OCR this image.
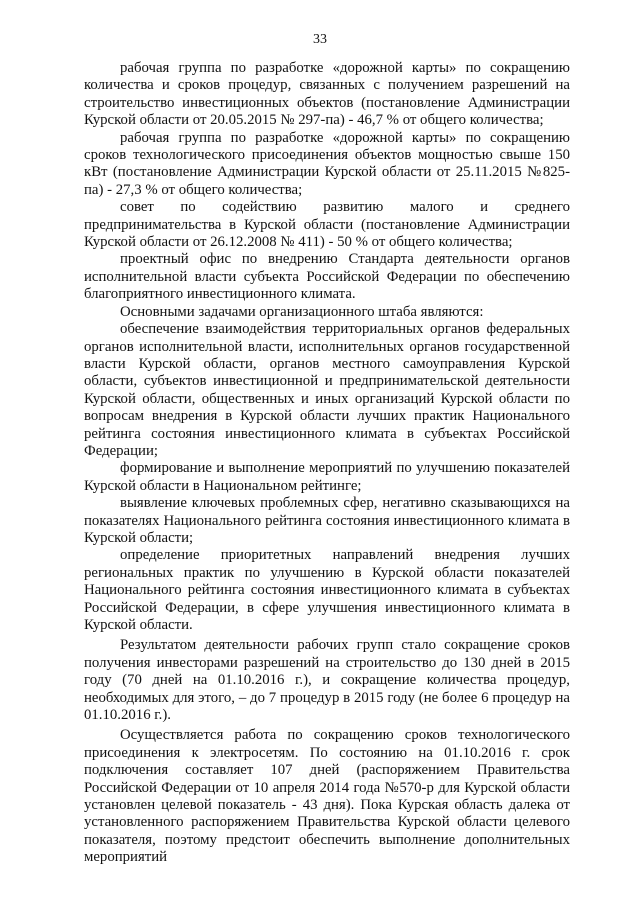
33

рабочая группа по разработке «дорожной карты» по сокращению количества и сроков процедур, связанных с получением разрешений на строительство инвестиционных объектов (постановление Администрации Курской области от 20.05.2015 № 297-па) - 46,7 % от общего количества;

рабочая группа по разработке «дорожной карты» по сокращению сроков технологического присоединения объектов мощностью свыше 150 кВт (постановление Администрации Курской области от 25.11.2015 №825-па) - 27,3 % от общего количества;

совет по содействию развитию малого и среднего предпринимательства в Курской области (постановление Администрации Курской области от 26.12.2008 № 411) - 50 % от общего количества;

проектный офис по внедрению Стандарта деятельности органов исполнительной власти субъекта Российской Федерации по обеспечению благоприятного инвестиционного климата.

Основными задачами организационного штаба являются:

обеспечение взаимодействия территориальных органов федеральных органов исполнительной власти, исполнительных органов государственной власти Курской области, органов местного самоуправления Курской области, субъектов инвестиционной и предпринимательской деятельности Курской области, общественных и иных организаций Курской области по вопросам внедрения в Курской области лучших практик Национального рейтинга состояния инвестиционного климата в субъектах Российской Федерации;

формирование и выполнение мероприятий по улучшению показателей Курской области в Национальном рейтинге;

выявление ключевых проблемных сфер, негативно сказывающихся на показателях Национального рейтинга состояния инвестиционного климата в Курской области;

определение приоритетных направлений внедрения лучших региональных практик по улучшению в Курской области показателей Национального рейтинга состояния инвестиционного климата в субъектах Российской Федерации, в сфере улучшения инвестиционного климата в Курской области.

Результатом деятельности рабочих групп стало сокращение сроков получения инвесторами разрешений на строительство до 130 дней в 2015 году (70 дней на 01.10.2016 г.), и сокращение количества процедур, необходимых для этого, – до 7 процедур в 2015 году (не более 6 процедур на 01.10.2016 г.).

Осуществляется работа по сокращению сроков технологического присоединения к электросетям. По состоянию на 01.10.2016 г. срок подключения составляет 107 дней (распоряжением Правительства Российской Федерации от 10 апреля 2014 года №570-р для Курской области установлен целевой показатель - 43 дня). Пока Курская область далека от установленного распоряжением Правительства Курской области целевого показателя, поэтому предстоит обеспечить выполнение дополнительных мероприятий
